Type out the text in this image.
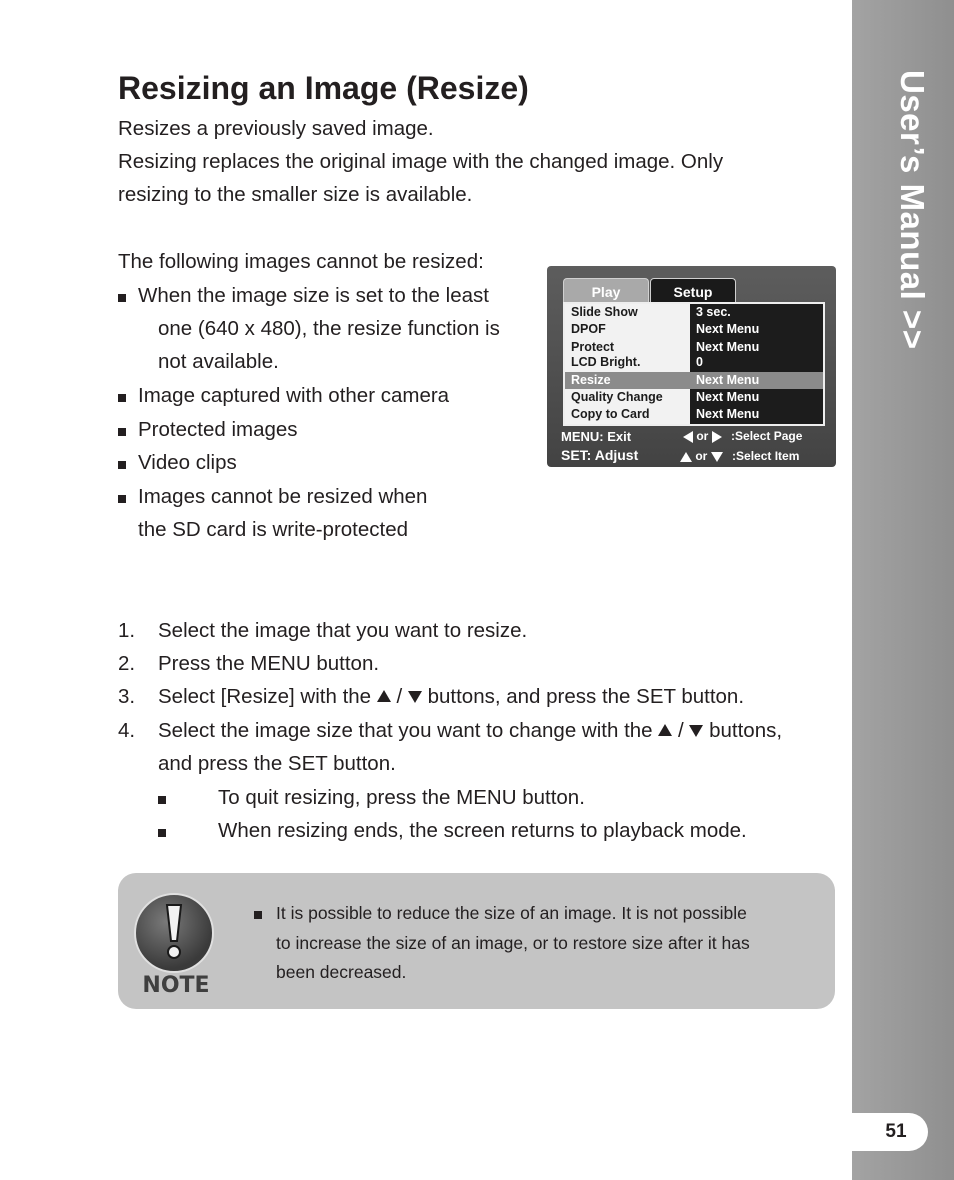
User’s Manual >>
51
Resizing an Image (Resize)

Resizes a previously saved image.

Resizing replaces the original image with the changed image. Only

resizing to the smaller size is available.

The following images cannot be resized:

When the image size is set to the least

one (640 x 480), the resize function is

not available.

Image captured with other camera

Protected images

Video clips

Images cannot be resized when

the SD card is write-protected

Play	Setup
Slide Show	3 sec.
DPOF	Next Menu
Protect	Next Menu
LCD Bright.	0
Resize	Next Menu
Quality Change	Next Menu
Copy to Card	Next Menu
MENU: Exit
SET: Adjust
or :Select Page
or :Select Item

1. Select the image that you want to resize.

2. Press the MENU button.

3. Select [Resize] with the / buttons, and press the SET button.

4. Select the image size that you want to change with the / buttons,

and press the SET button.

To quit resizing, press the MENU button.

When resizing ends, the screen returns to playback mode.

NOTE

It is possible to reduce the size of an image. It is not possible
to increase the size of an image, or to restore size after it has
been decreased.
